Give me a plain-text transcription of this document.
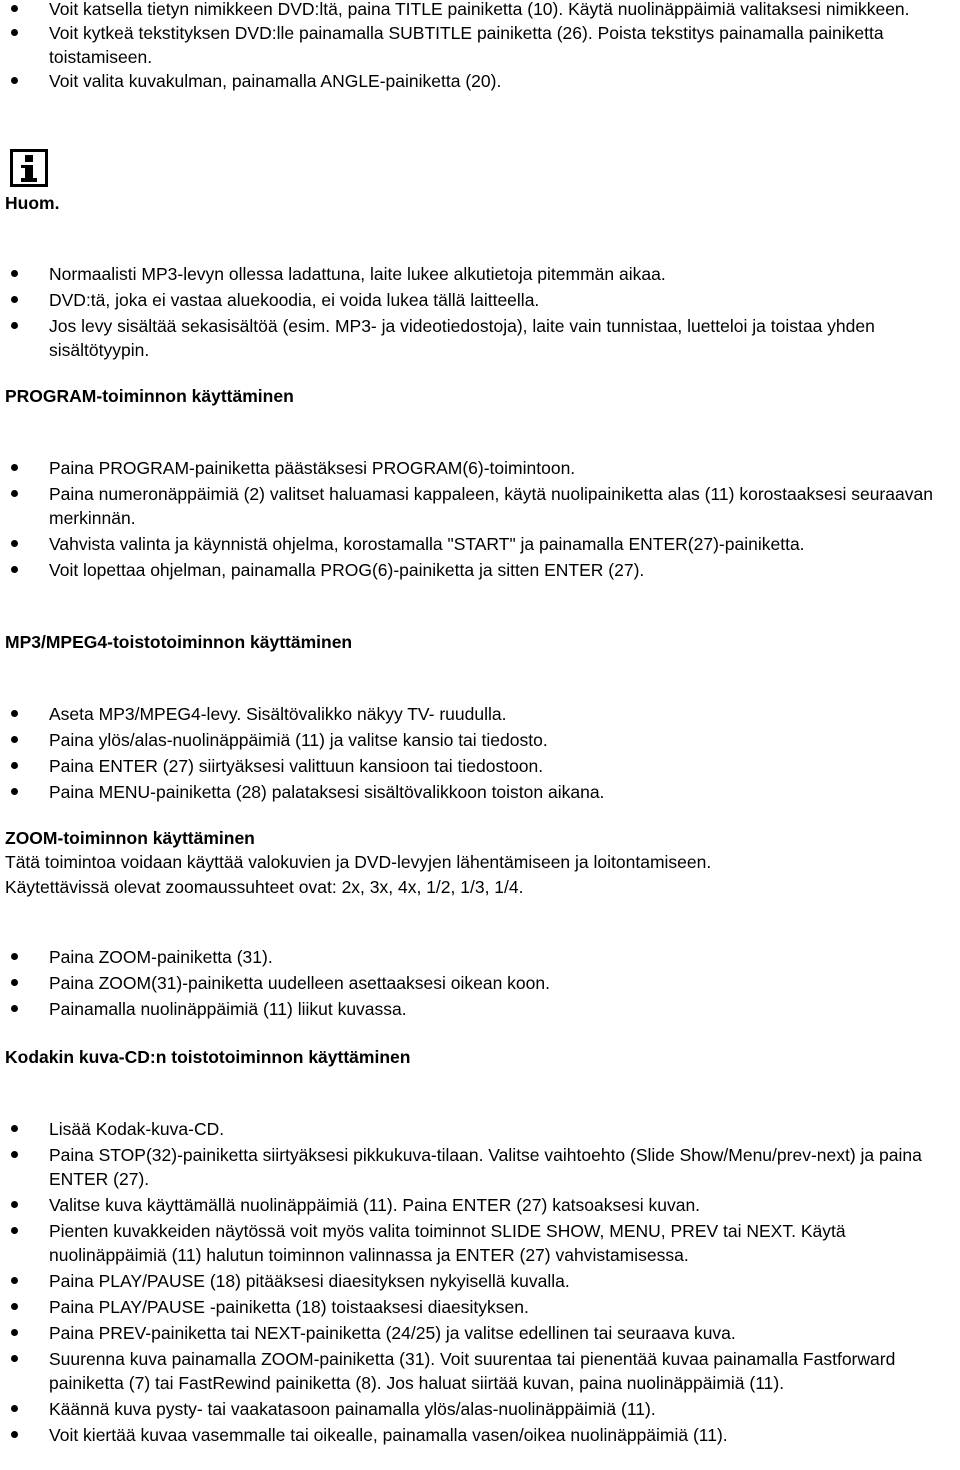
Voit katsella tietyn nimikkeen DVD:ltä, paina TITLE painiketta (10). Käytä nuolinäppäimiä valitaksesi nimikkeen.
Voit kytkeä tekstityksen DVD:lle painamalla SUBTITLE painiketta (26). Poista tekstitys painamalla painiketta toistamiseen.
Voit valita kuvakulman, painamalla ANGLE-painiketta (20).
Huom.
Normaalisti MP3-levyn ollessa ladattuna, laite lukee alkutietoja pitemmän aikaa.
DVD:tä, joka ei vastaa aluekoodia, ei voida lukea tällä laitteella.
Jos levy sisältää sekasisältöä (esim. MP3- ja videotiedostoja), laite vain tunnistaa, luetteloi ja toistaa yhden sisältötyypin.
PROGRAM-toiminnon käyttäminen
Paina PROGRAM-painiketta päästäksesi PROGRAM(6)-toimintoon.
Paina numeronäppäimiä (2) valitset haluamasi kappaleen, käytä nuolipainiketta alas (11) korostaaksesi seuraavan merkinnän.
Vahvista valinta ja käynnistä ohjelma, korostamalla "START" ja painamalla ENTER(27)-painiketta.
Voit lopettaa ohjelman, painamalla PROG(6)-painiketta ja sitten ENTER (27).
MP3/MPEG4-toistotoiminnon käyttäminen
Aseta MP3/MPEG4-levy. Sisältövalikko näkyy TV- ruudulla.
Paina ylös/alas-nuolinäppäimiä (11) ja valitse kansio tai tiedosto.
Paina ENTER (27) siirtyäksesi valittuun kansioon tai tiedostoon.
Paina MENU-painiketta (28) palataksesi sisältövalikkoon toiston aikana.
ZOOM-toiminnon käyttäminen
Tätä toimintoa voidaan käyttää valokuvien ja DVD-levyjen lähentämiseen ja loitontamiseen.
Käytettävissä olevat zoomaussuhteet ovat: 2x, 3x, 4x, 1/2, 1/3, 1/4.
Paina ZOOM-painiketta (31).
Paina ZOOM(31)-painiketta uudelleen asettaaksesi oikean koon.
Painamalla nuolinäppäimiä (11) liikut kuvassa.
Kodakin kuva-CD:n toistotoiminnon käyttäminen
Lisää Kodak-kuva-CD.
Paina STOP(32)-painiketta siirtyäksesi pikkukuva-tilaan. Valitse vaihtoehto (Slide Show/Menu/prev-next) ja paina ENTER (27).
Valitse kuva käyttämällä nuolinäppäimiä (11). Paina ENTER (27) katsoaksesi kuvan.
Pienten kuvakkeiden näytössä voit myös valita toiminnot SLIDE SHOW, MENU, PREV tai NEXT. Käytä nuolinäppäimiä (11) halutun toiminnon valinnassa ja ENTER (27) vahvistamisessa.
Paina PLAY/PAUSE (18) pitääksesi diaesityksen nykyisellä kuvalla.
Paina PLAY/PAUSE -painiketta (18) toistaaksesi diaesityksen.
Paina PREV-painiketta tai NEXT-painiketta (24/25) ja valitse edellinen tai seuraava kuva.
Suurenna kuva painamalla ZOOM-painiketta (31). Voit suurentaa tai pienentää kuvaa painamalla Fastforward painiketta (7) tai FastRewind painiketta (8). Jos haluat siirtää kuvan, paina nuolinäppäimiä (11).
Käännä kuva pysty- tai vaakatasoon painamalla ylös/alas-nuolinäppäimiä (11).
Voit kiertää kuvaa vasemmalle tai oikealle, painamalla vasen/oikea nuolinäppäimiä (11).
